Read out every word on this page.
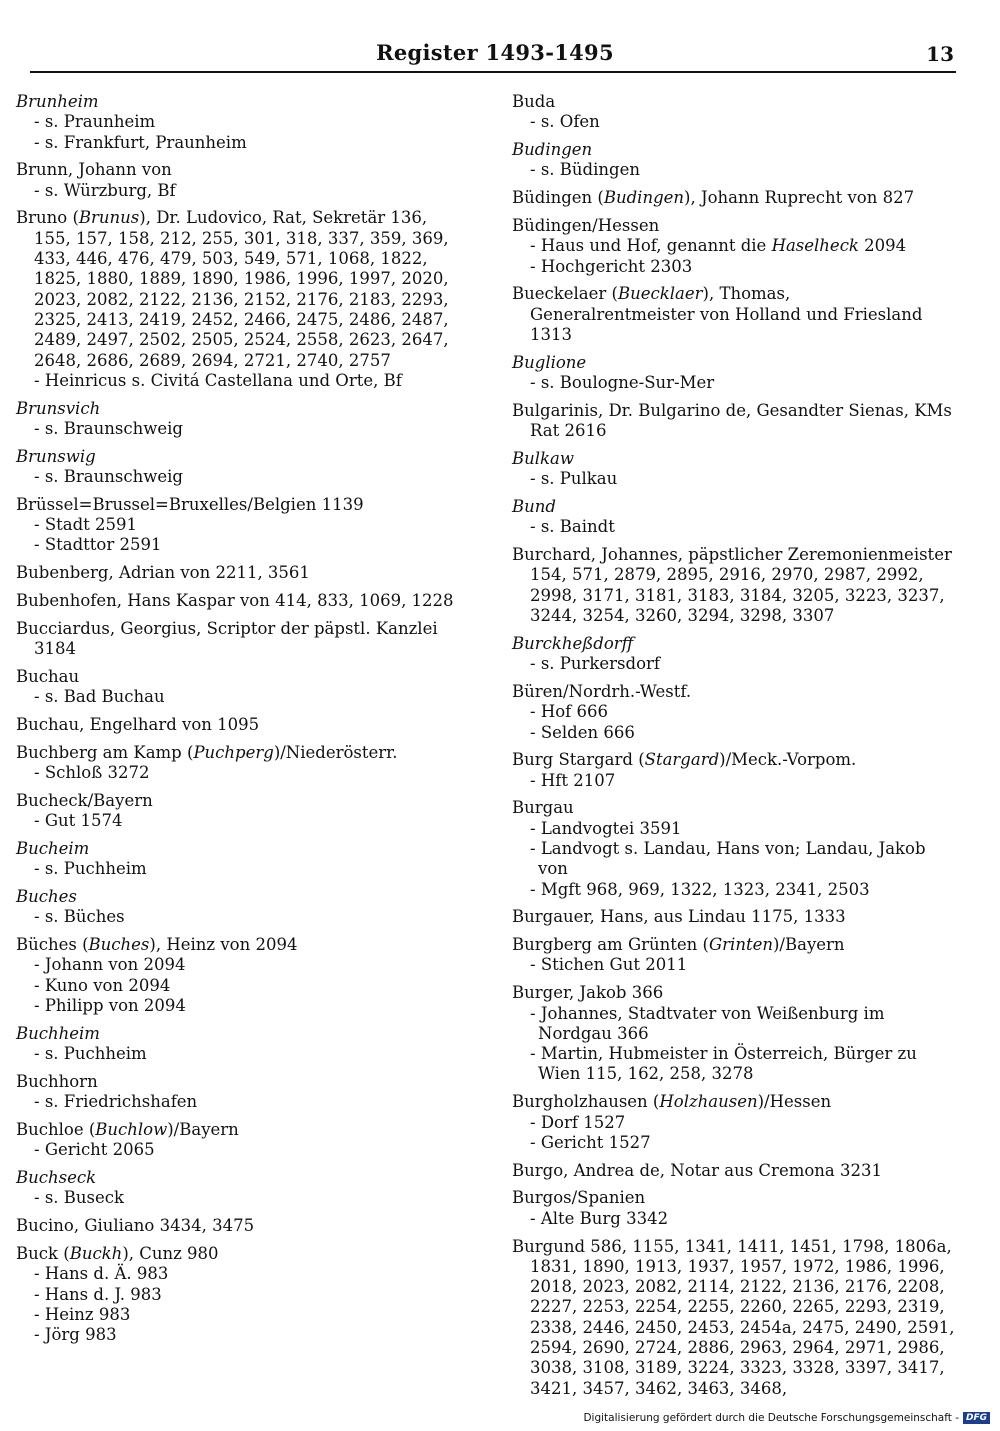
Register 1493-1495	13
Brunheim
- s. Praunheim
- s. Frankfurt, Praunheim
Brunn, Johann von
- s. Würzburg, Bf
Bruno (Brunus), Dr. Ludovico, Rat, Sekretär 136, 155, 157, 158, 212, 255, 301, 318, 337, 359, 369, 433, 446, 476, 479, 503, 549, 571, 1068, 1822, 1825, 1880, 1889, 1890, 1986, 1996, 1997, 2020, 2023, 2082, 2122, 2136, 2152, 2176, 2183, 2293, 2325, 2413, 2419, 2452, 2466, 2475, 2486, 2487, 2489, 2497, 2502, 2505, 2524, 2558, 2623, 2647, 2648, 2686, 2689, 2694, 2721, 2740, 2757
- Heinricus s. Civitá Castellana und Orte, Bf
Brunsvich
- s. Braunschweig
Brunswig
- s. Braunschweig
Brüssel=Brussel=Bruxelles/Belgien 1139
- Stadt 2591
- Stadttor 2591
Bubenberg, Adrian von 2211, 3561
Bubenhofen, Hans Kaspar von 414, 833, 1069, 1228
Bucciardus, Georgius, Scriptor der päpstl. Kanzlei 3184
Buchau
- s. Bad Buchau
Buchau, Engelhard von 1095
Buchberg am Kamp (Puchperg)/Niederösterr.
- Schloß 3272
Bucheck/Bayern
- Gut 1574
Bucheim
- s. Puchheim
Buches
- s. Büches
Büches (Buches), Heinz von 2094
- Johann von 2094
- Kuno von 2094
- Philipp von 2094
Buchheim
- s. Puchheim
Buchhorn
- s. Friedrichshafen
Buchloe (Buchlow)/Bayern
- Gericht 2065
Buchseck
- s. Buseck
Bucino, Giuliano 3434, 3475
Buck (Buckh), Cunz 980
- Hans d. Ä. 983
- Hans d. J. 983
- Heinz 983
- Jörg 983
Buda
- s. Ofen
Budingen
- s. Büdingen
Büdingen (Budingen), Johann Ruprecht von 827
Büdingen/Hessen
- Haus und Hof, genannt die Haselheck 2094
- Hochgericht 2303
Bueckelaer (Buecklaer), Thomas, Generalrentmeister von Holland und Friesland 1313
Buglione
- s. Boulogne-Sur-Mer
Bulgarinis, Dr. Bulgarino de, Gesandter Sienas, KMs Rat 2616
Bulkaw
- s. Pulkau
Bund
- s. Baindt
Burchard, Johannes, päpstlicher Zeremonienmeister 154, 571, 2879, 2895, 2916, 2970, 2987, 2992, 2998, 3171, 3181, 3183, 3184, 3205, 3223, 3237, 3244, 3254, 3260, 3294, 3298, 3307
Burckheßdorff
- s. Purkersdorf
Büren/Nordrh.-Westf.
- Hof 666
- Selden 666
Burg Stargard (Stargard)/Meck.-Vorpom.
- Hft 2107
Burgau
- Landvogtei 3591
- Landvogt s. Landau, Hans von; Landau, Jakob von
- Mgft 968, 969, 1322, 1323, 2341, 2503
Burgauer, Hans, aus Lindau 1175, 1333
Burgberg am Grünten (Grinten)/Bayern
- Stichen Gut 2011
Burger, Jakob 366
- Johannes, Stadtvater von Weißenburg im Nordgau 366
- Martin, Hubmeister in Österreich, Bürger zu Wien 115, 162, 258, 3278
Burgholzhausen (Holzhausen)/Hessen
- Dorf 1527
- Gericht 1527
Burgo, Andrea de, Notar aus Cremona 3231
Burgos/Spanien
- Alte Burg 3342
Burgund 586, 1155, 1341, 1411, 1451, 1798, 1806a, 1831, 1890, 1913, 1937, 1957, 1972, 1986, 1996, 2018, 2023, 2082, 2114, 2122, 2136, 2176, 2208, 2227, 2253, 2254, 2255, 2260, 2265, 2293, 2319, 2338, 2446, 2450, 2453, 2454a, 2475, 2490, 2591, 2594, 2690, 2724, 2886, 2963, 2964, 2971, 2986, 3038, 3108, 3189, 3224, 3323, 3328, 3397, 3417, 3421, 3457, 3462, 3463, 3468,
Digitalisierung gefördert durch die Deutsche Forschungsgemeinschaft - DFG
